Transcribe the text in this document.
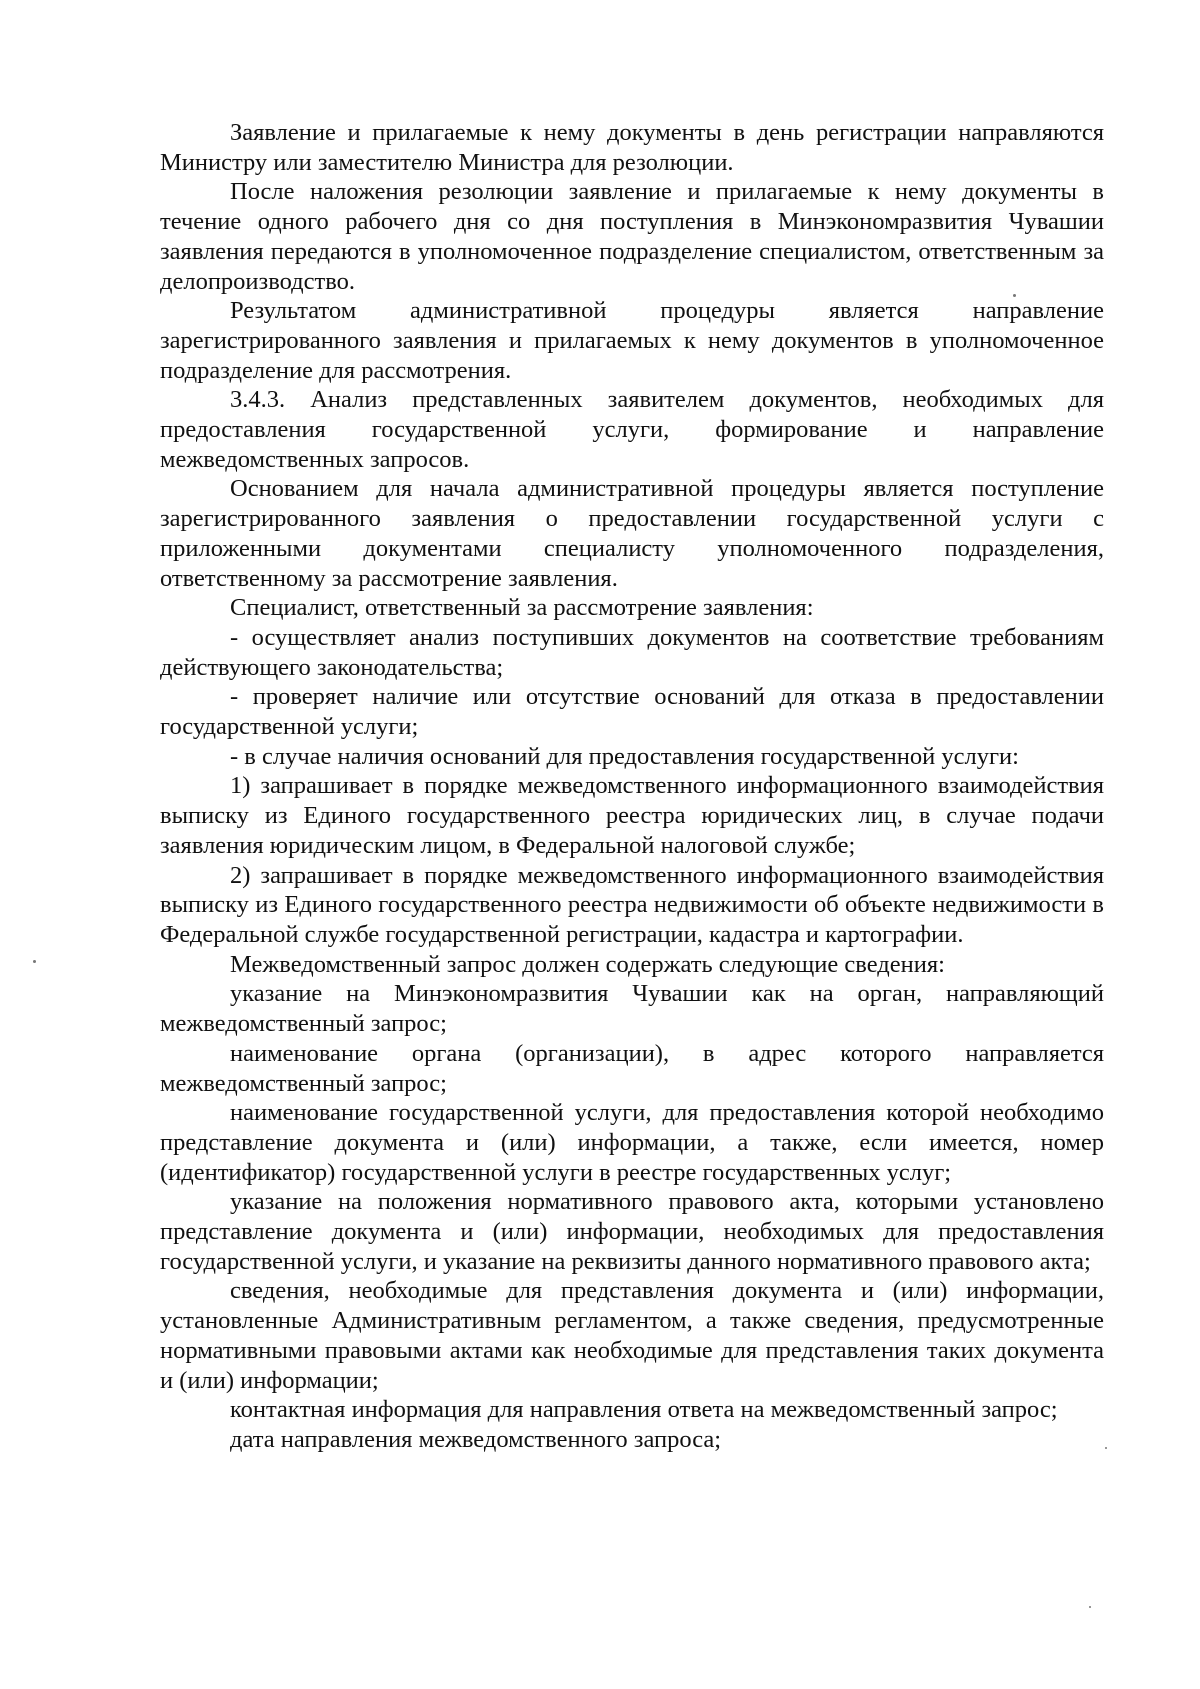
Заявление и прилагаемые к нему документы в день регистрации направляются Министру или заместителю Министра для резолюции.

После наложения резолюции заявление и прилагаемые к нему документы в течение одного рабочего дня со дня поступления в Минэкономразвития Чувашии заявления передаются в уполномоченное подразделение специалистом, ответственным за делопроизводство.

Результатом административной процедуры является направление зарегистрированного заявления и прилагаемых к нему документов в уполномоченное подразделение для рассмотрения.

3.4.3. Анализ представленных заявителем документов, необходимых для предоставления государственной услуги, формирование и направление межведомственных запросов.

Основанием для начала административной процедуры является поступление зарегистрированного заявления о предоставлении государственной услуги с приложенными документами специалисту уполномоченного подразделения, ответственному за рассмотрение заявления.

Специалист, ответственный за рассмотрение заявления:

- осуществляет анализ поступивших документов на соответствие требованиям действующего законодательства;

- проверяет наличие или отсутствие оснований для отказа в предоставлении государственной услуги;

- в случае наличия оснований для предоставления государственной услуги:

1) запрашивает в порядке межведомственного информационного взаимодействия выписку из Единого государственного реестра юридических лиц, в случае подачи заявления юридическим лицом, в Федеральной налоговой службе;

2) запрашивает в порядке межведомственного информационного взаимодействия выписку из Единого государственного реестра недвижимости об объекте недвижимости в Федеральной службе государственной регистрации, кадастра и картографии.

Межведомственный запрос должен содержать следующие сведения:

указание на Минэкономразвития Чувашии как на орган, направляющий межведомственный запрос;

наименование органа (организации), в адрес которого направляется межведомственный запрос;

наименование государственной услуги, для предоставления которой необходимо представление документа и (или) информации, а также, если имеется, номер (идентификатор) государственной услуги в реестре государственных услуг;

указание на положения нормативного правового акта, которыми установлено представление документа и (или) информации, необходимых для предоставления государственной услуги, и указание на реквизиты данного нормативного правового акта;

сведения, необходимые для представления документа и (или) информации, установленные Административным регламентом, а также сведения, предусмотренные нормативными правовыми актами как необходимые для представления таких документа и (или) информации;

контактная информация для направления ответа на межведомственный запрос;

дата направления межведомственного запроса;
